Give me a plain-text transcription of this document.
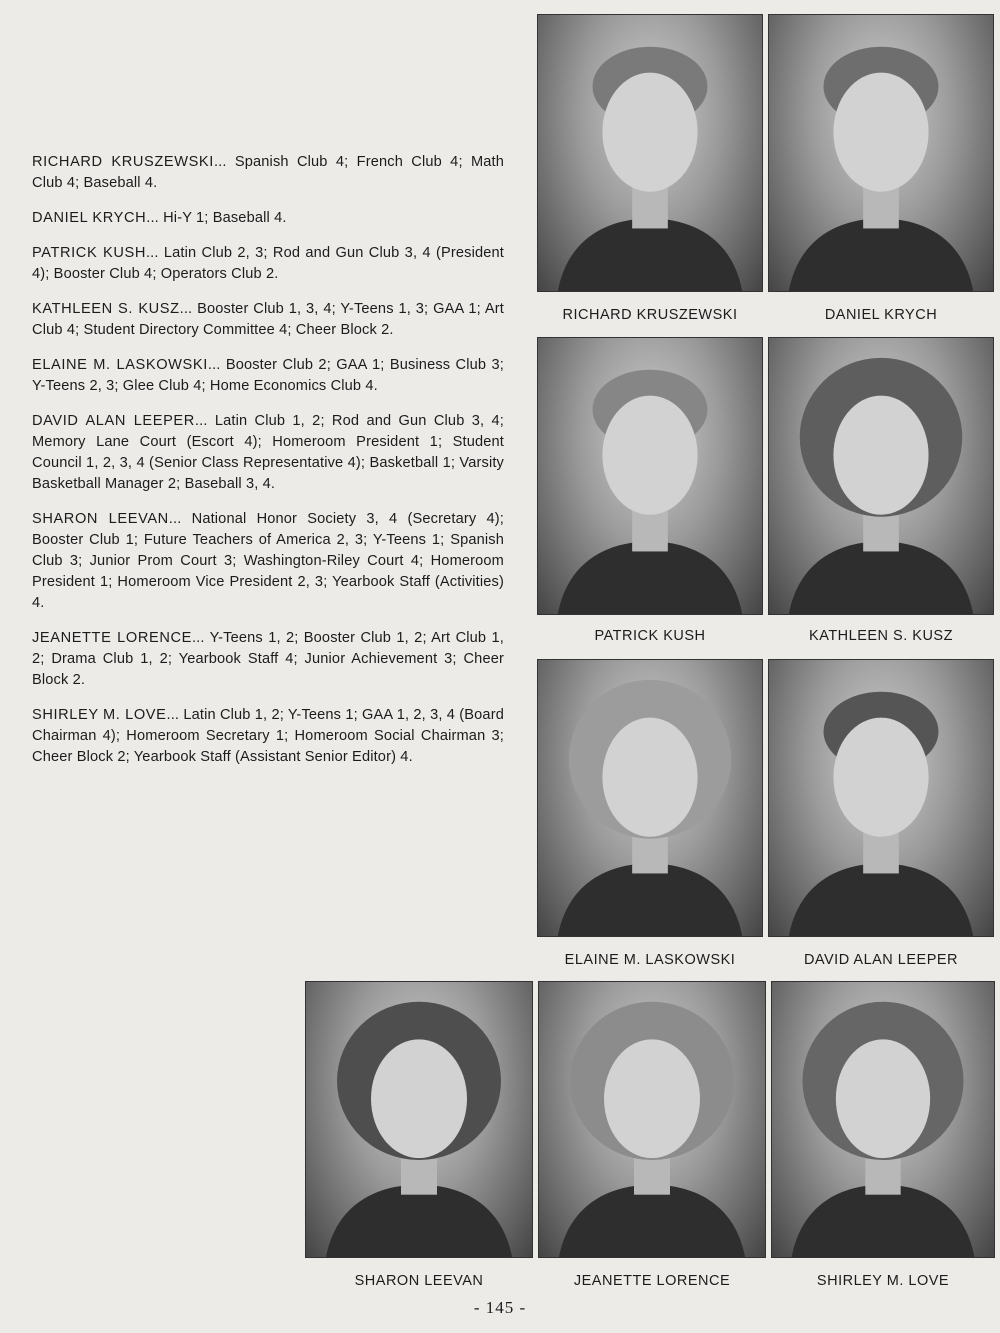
RICHARD KRUSZEWSKI... Spanish Club 4; French Club 4; Math Club 4; Baseball 4.

DANIEL KRYCH... Hi-Y 1; Baseball 4.

PATRICK KUSH... Latin Club 2, 3; Rod and Gun Club 3, 4 (President 4); Booster Club 4; Operators Club 2.

KATHLEEN S. KUSZ... Booster Club 1, 3, 4; Y-Teens 1, 3; GAA 1; Art Club 4; Student Directory Committee 4; Cheer Block 2.

ELAINE M. LASKOWSKI... Booster Club 2; GAA 1; Business Club 3; Y-Teens 2, 3; Glee Club 4; Home Economics Club 4.

DAVID ALAN LEEPER... Latin Club 1, 2; Rod and Gun Club 3, 4; Memory Lane Court (Escort 4); Homeroom President 1; Student Council 1, 2, 3, 4 (Senior Class Representative 4); Basketball 1; Varsity Basketball Manager 2; Baseball 3, 4.

SHARON LEEVAN... National Honor Society 3, 4 (Secretary 4); Booster Club 1; Future Teachers of America 2, 3; Y-Teens 1; Spanish Club 3; Junior Prom Court 3; Washington-Riley Court 4; Homeroom President 1; Homeroom Vice President 2, 3; Yearbook Staff (Activities) 4.

JEANETTE LORENCE... Y-Teens 1, 2; Booster Club 1, 2; Art Club 1, 2; Drama Club 1, 2; Yearbook Staff 4; Junior Achievement 3; Cheer Block 2.

SHIRLEY M. LOVE... Latin Club 1, 2; Y-Teens 1; GAA 1, 2, 3, 4 (Board Chairman 4); Homeroom Secretary 1; Homeroom Social Chairman 3; Cheer Block 2; Yearbook Staff (Assistant Senior Editor) 4.

RICHARD KRUSZEWSKI	DANIEL KRYCH
PATRICK KUSH	KATHLEEN S. KUSZ
ELAINE M. LASKOWSKI	DAVID ALAN LEEPER
SHARON LEEVAN	JEANETTE LORENCE	SHIRLEY M. LOVE
- 145 -
